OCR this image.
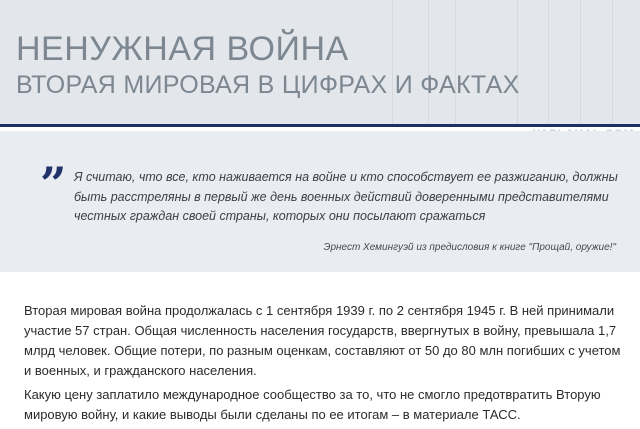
НЕНУЖНАЯ ВОЙНА
ВТОРАЯ МИРОВАЯ В ЦИФРАХ И ФАКТАХ
” Я считаю, что все, кто наживается на войне и кто способствует ее разжиганию, должны быть расстреляны в первый же день военных действий доверенными представителями честных граждан своей страны, которых они посылают сражаться
Эрнест Хемингуэй из предисловия к книге "Прощай, оружие!"

Вторая мировая война продолжалась с 1 сентября 1939 г. по 2 сентября 1945 г. В ней принимали участие 57 стран. Общая численность населения государств, ввергнутых в войну, превышала 1,7 млрд человек. Общие потери, по разным оценкам, составляют от 50 до 80 млн погибших с учетом и военных, и гражданского населения.

Какую цену заплатило международное сообщество за то, что не смогло предотвратить Вторую мировую войну, и какие выводы были сделаны по ее итогам – в материале ТАСС.
